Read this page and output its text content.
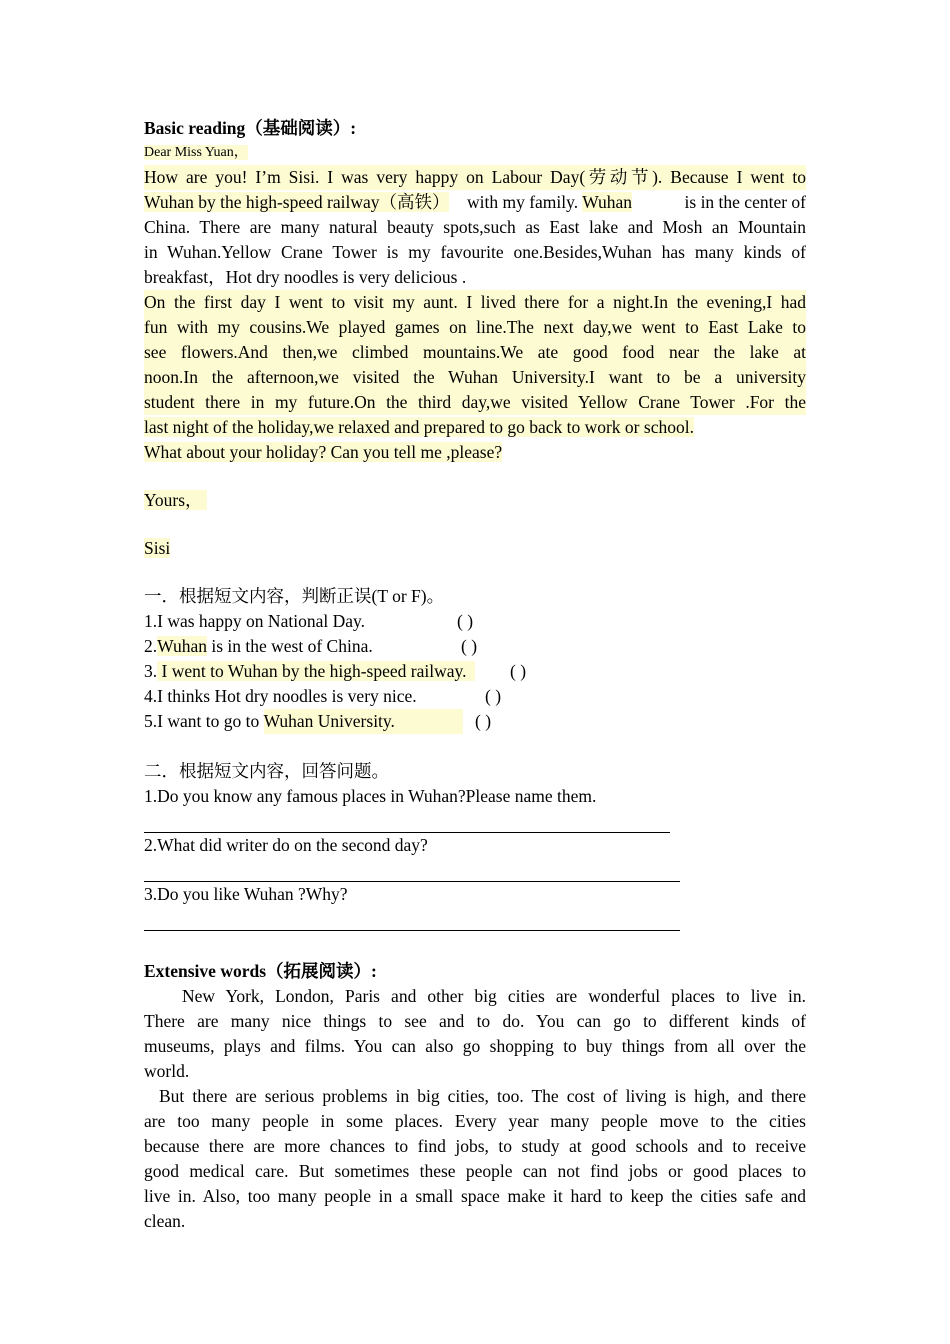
Basic reading（基础阅读）:
Dear Miss Yuan，
How are you! I’m Sisi. I was very happy on Labour Day(劳动节). Because I went to
Wuhan by the high-speed railway（高铁） with my family. Wuhan	is in the center of
China. There are many natural beauty spots,such as East lake and Mosh an Mountain
in Wuhan.Yellow Crane Tower is my favourite one.Besides,Wuhan has many kinds of
breakfast，Hot dry noodles is very delicious .
On the first day I went to visit my aunt. I lived there for a night.In the evening,I had
fun with my cousins.We played games on line.The next day,we went to East Lake to
see flowers.And then,we climbed mountains.We ate good food near the lake at
noon.In the afternoon,we visited the Wuhan University.I want to be a university
student there in my future.On the third day,we visited Yellow Crane Tower .For the
last night of the holiday,we relaxed and prepared to go back to work or school.
What about your holiday? Can you tell me ,please?
Yours，
Sisi
一．根据短文内容，判断正误(T or F)。
1.I was happy on National Day.	( )
2.Wuhan is in the west of China.	( )
3. I went to Wuhan by the high-speed railway. ( )
4.I thinks Hot dry noodles is very nice.	( )
5.I want to go to Wuhan University.	( )
二．根据短文内容，回答问题。
1.Do you know any famous places in Wuhan?Please name them.
2.What did writer do on the second day?
3.Do you like Wuhan ?Why?
Extensive words（拓展阅读）:
New York, London, Paris and other big cities are wonderful places to live in.
There are many nice things to see and to do. You can go to different kinds of
museums, plays and films. You can also go shopping to buy things from all over the
world.
But there are serious problems in big cities, too. The cost of living is high, and there
are too many people in some places. Every year many people move to the cities
because there are more chances to find jobs, to study at good schools and to receive
good medical care. But sometimes these people can not find jobs or good places to
live in. Also, too many people in a small space make it hard to keep the cities safe and
clean.
